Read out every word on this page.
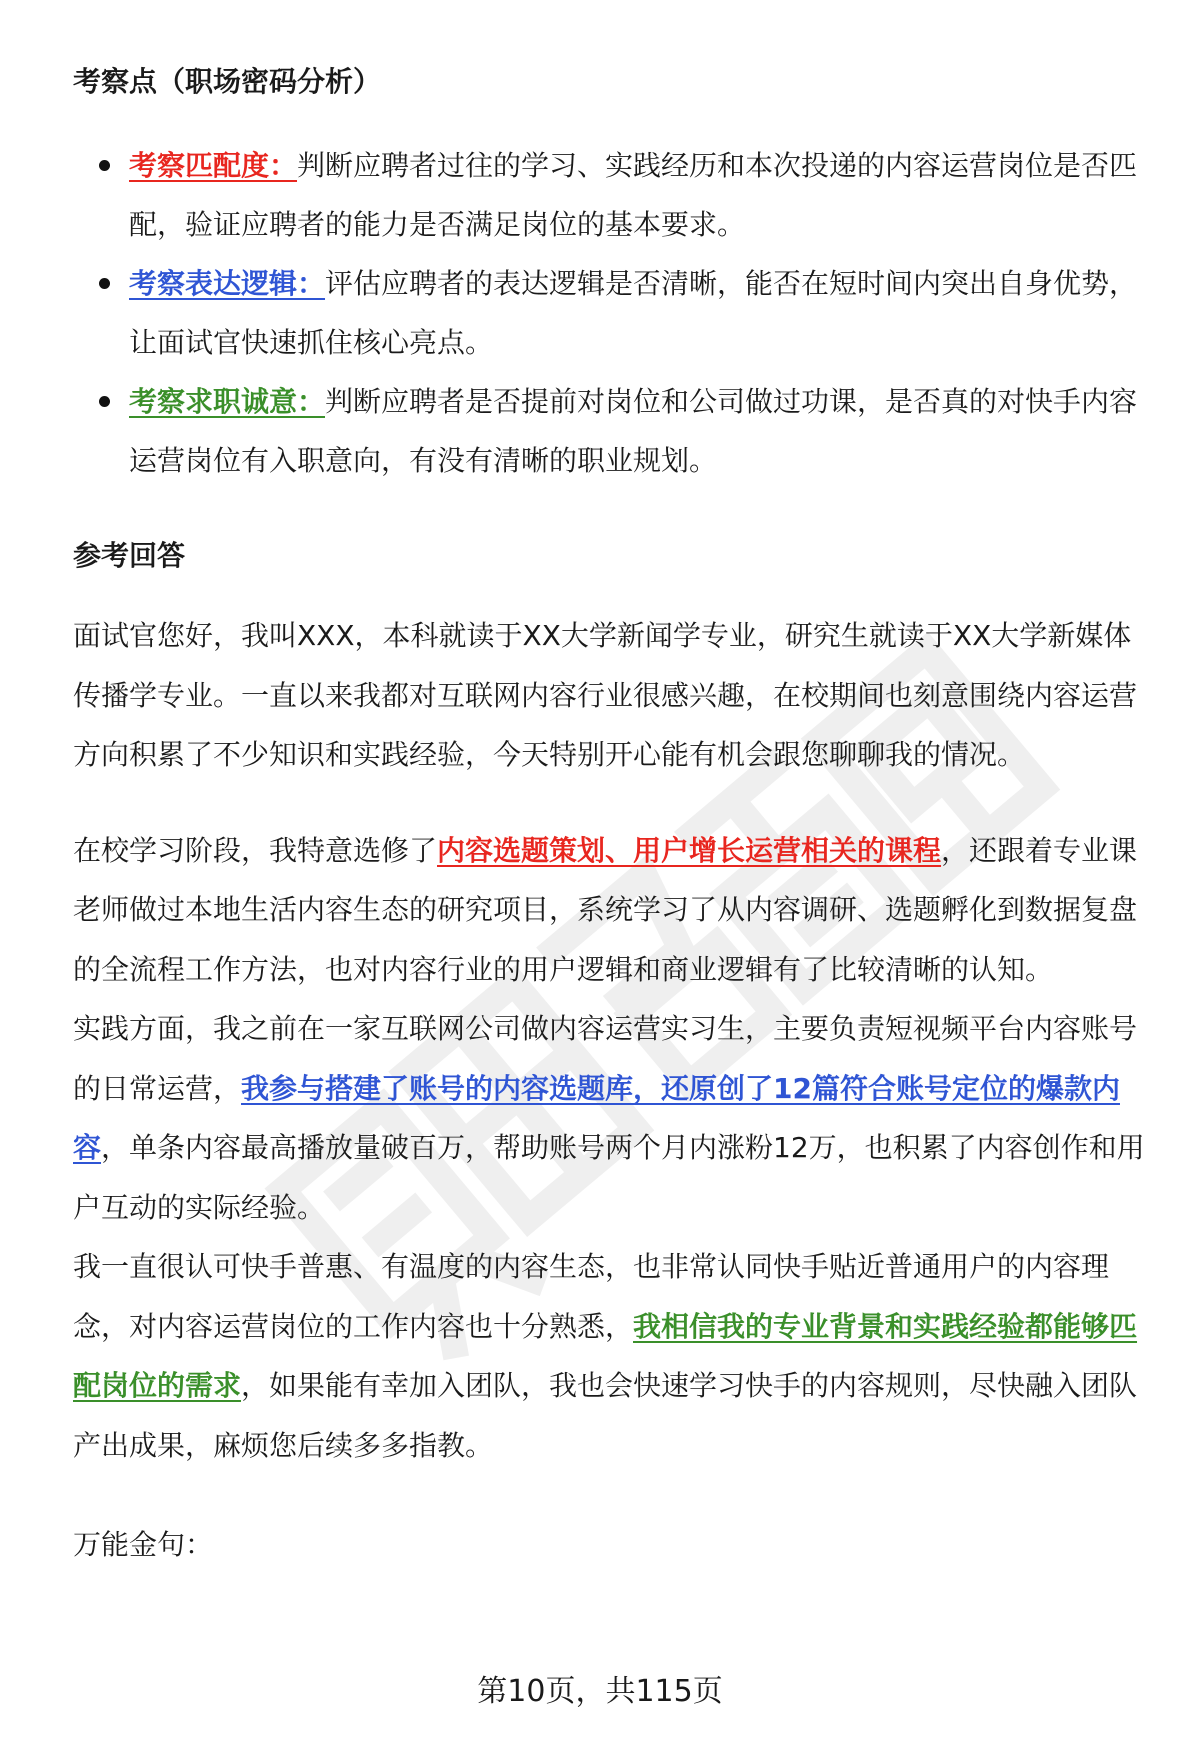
考察点（职场密码分析）
考察匹配度：判断应聘者过往的学习、实践经历和本次投递的内容运营岗位是否匹配，验证应聘者的能力是否满足岗位的基本要求。
考察表达逻辑：评估应聘者的表达逻辑是否清晰，能否在短时间内突出自身优势，让面试官快速抓住核心亮点。
考察求职诚意：判断应聘者是否提前对岗位和公司做过功课，是否真的对快手内容运营岗位有入职意向，有没有清晰的职业规划。
参考回答

面试官您好，我叫XXX，本科就读于XX大学新闻学专业，研究生就读于XX大学新媒体传播学专业。一直以来我都对互联网内容行业很感兴趣，在校期间也刻意围绕内容运营方向积累了不少知识和实践经验，今天特别开心能有机会跟您聊聊我的情况。

在校学习阶段，我特意选修了内容选题策划、用户增长运营相关的课程，还跟着专业课老师做过本地生活内容生态的研究项目，系统学习了从内容调研、选题孵化到数据复盘的全流程工作方法，也对内容行业的用户逻辑和商业逻辑有了比较清晰的认知。

实践方面，我之前在一家互联网公司做内容运营实习生，主要负责短视频平台内容账号的日常运营，我参与搭建了账号的内容选题库，还原创了12篇符合账号定位的爆款内容，单条内容最高播放量破百万，帮助账号两个月内涨粉12万，也积累了内容创作和用户互动的实际经验。

我一直很认可快手普惠、有温度的内容生态，也非常认同快手贴近普通用户的内容理念，对内容运营岗位的工作内容也十分熟悉，我相信我的专业背景和实践经验都能够匹配岗位的需求，如果能有幸加入团队，我也会快速学习快手的内容规则，尽快融入团队产出成果，麻烦您后续多多指教。

万能金句：
第10页，共115页
